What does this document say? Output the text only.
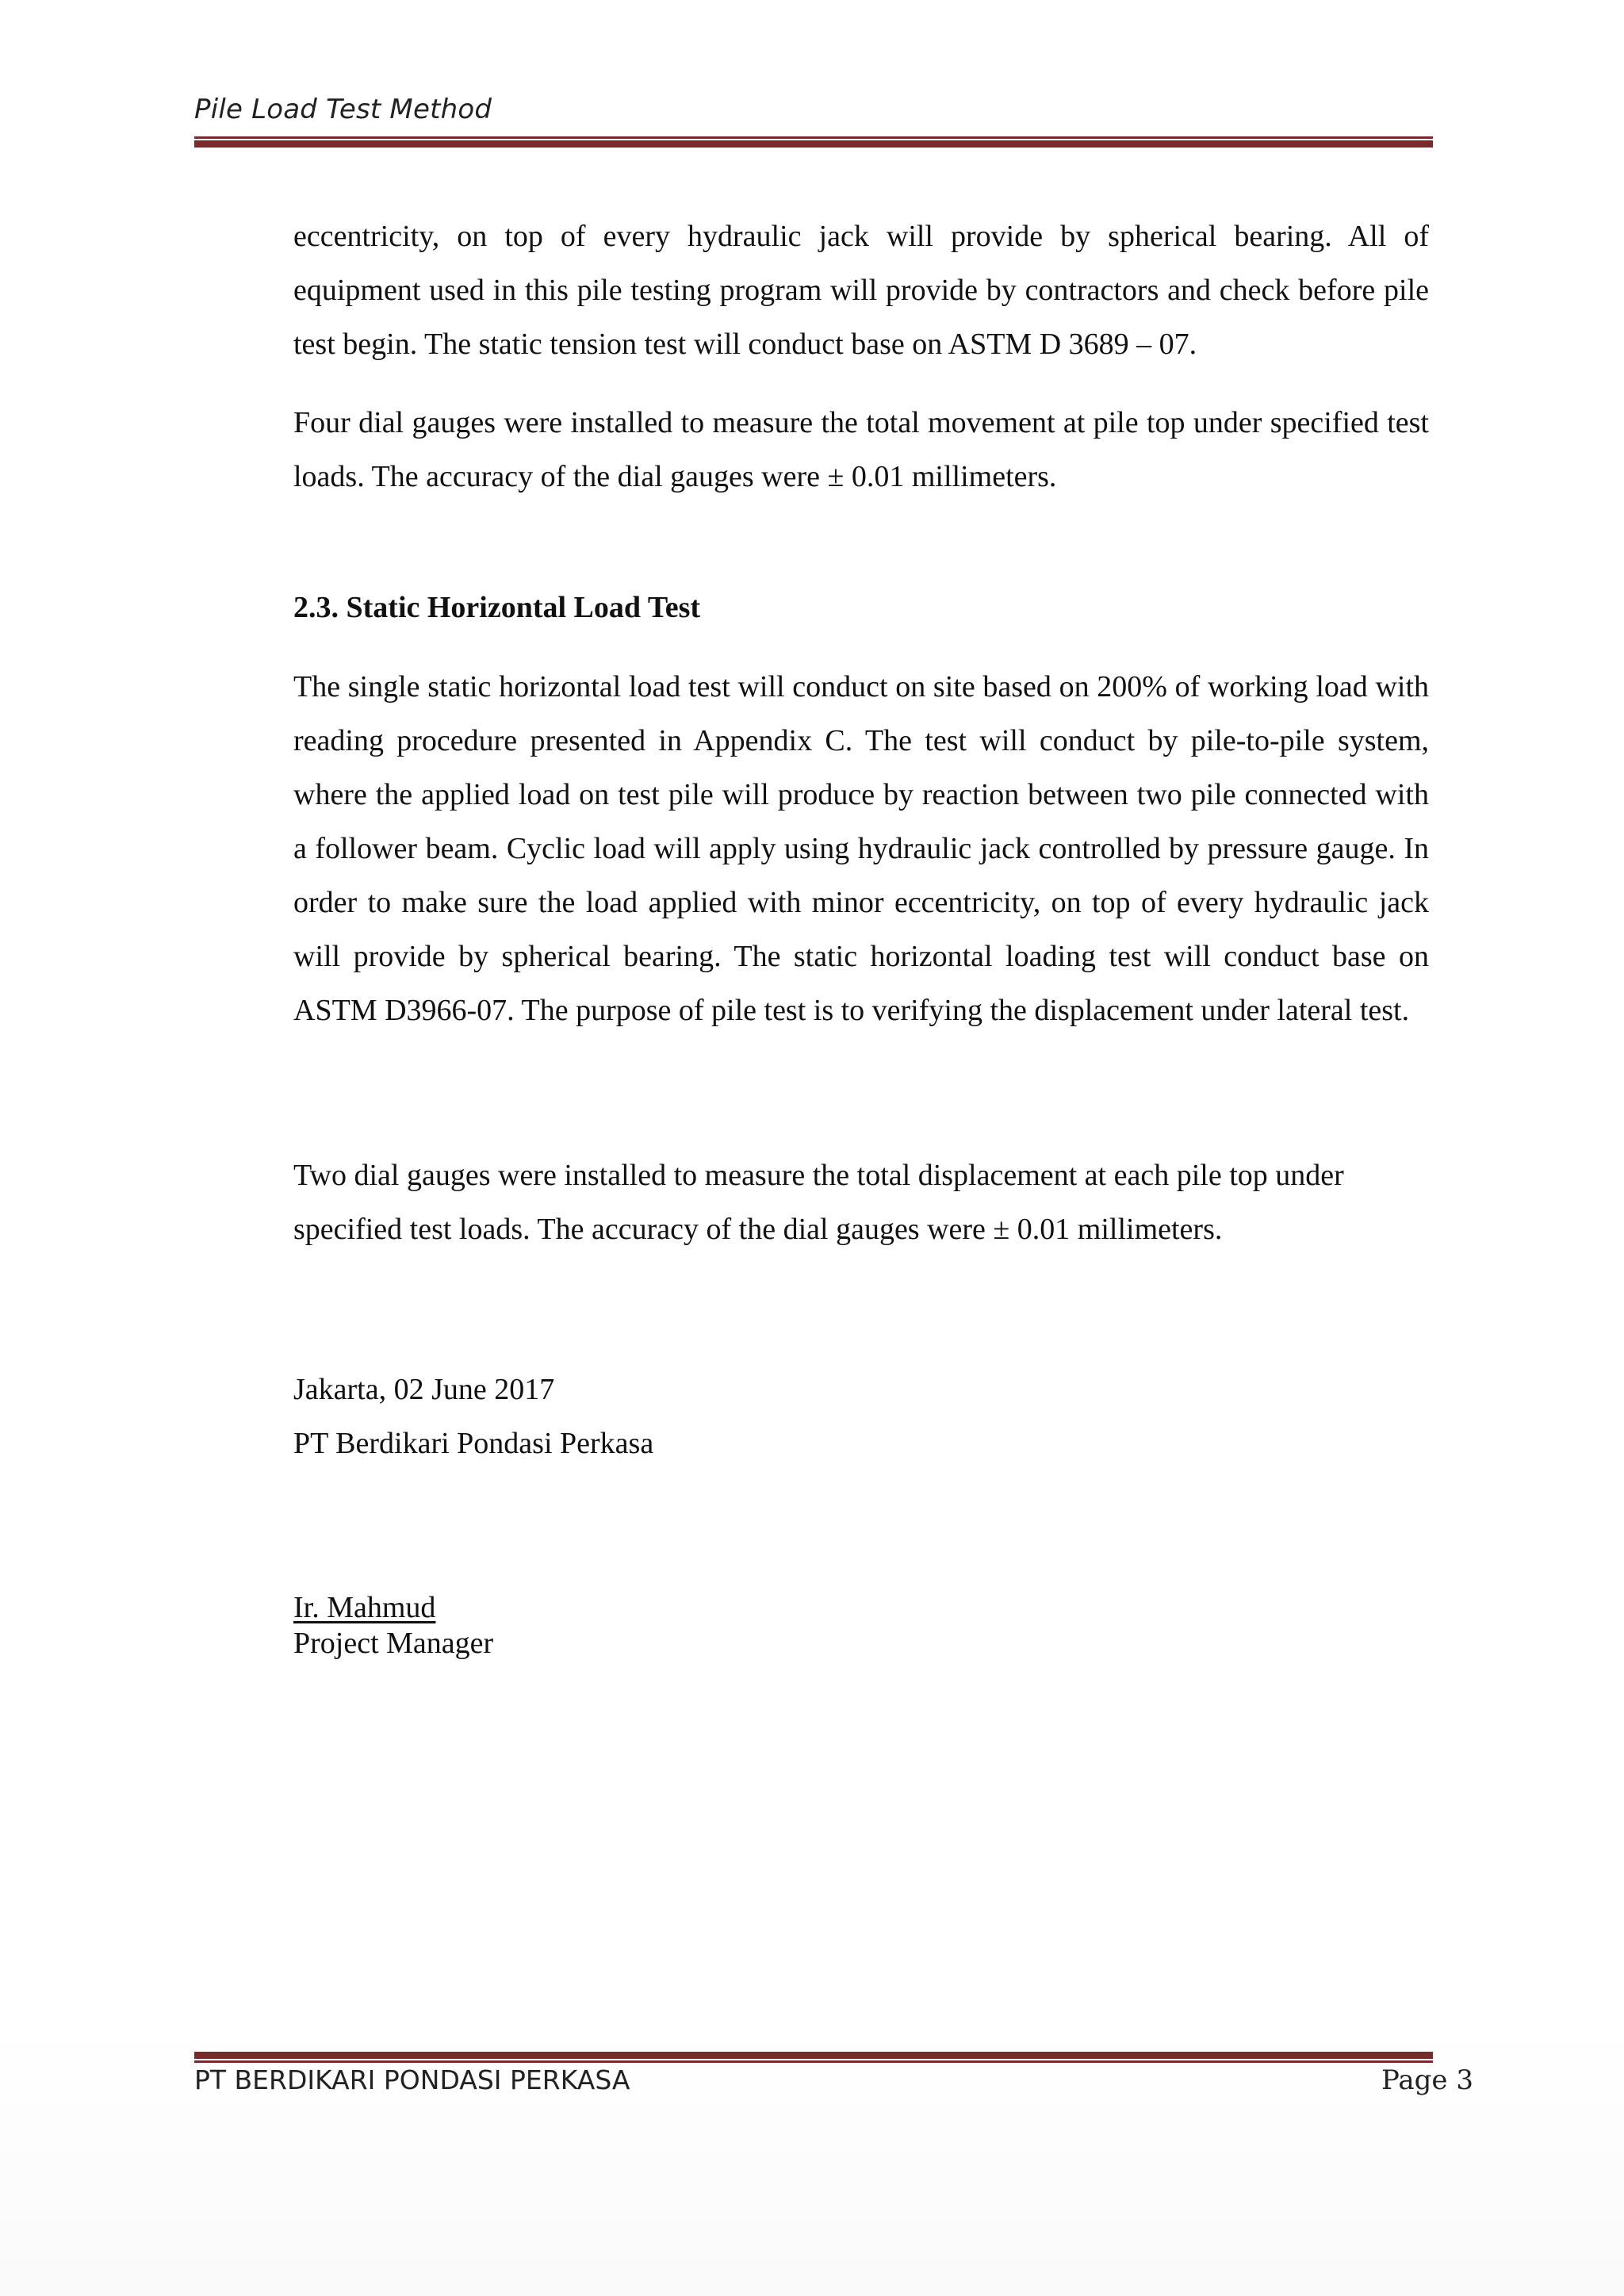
Pile Load Test Method

eccentricity, on top of every hydraulic jack will provide by spherical bearing. All of equipment used in this pile testing program will provide by contractors and check before pile test begin. The static tension test will conduct base on ASTM D 3689 – 07.

Four dial gauges were installed to measure the total movement at pile top under specified test loads. The accuracy of the dial gauges were ± 0.01 millimeters.

2.3. Static Horizontal Load Test

The single static horizontal load test will conduct on site based on 200% of working load with reading procedure presented in Appendix C. The test will conduct by pile-to-pile system, where the applied load on test pile will produce by reaction between two pile connected with a follower beam. Cyclic load will apply using hydraulic jack controlled by pressure gauge. In order to make sure the load applied with minor eccentricity, on top of every hydraulic jack will provide by spherical bearing. The static horizontal loading test will conduct base on ASTM D3966-07. The purpose of pile test is to verifying the displacement under lateral test.

Two dial gauges were installed to measure the total displacement at each pile top under specified test loads. The accuracy of the dial gauges were ± 0.01 millimeters.

Jakarta, 02 June 2017
PT Berdikari Pondasi Perkasa
Ir. Mahmud
Project Manager
PT BERDIKARI PONDASI PERKASA	Page 3
